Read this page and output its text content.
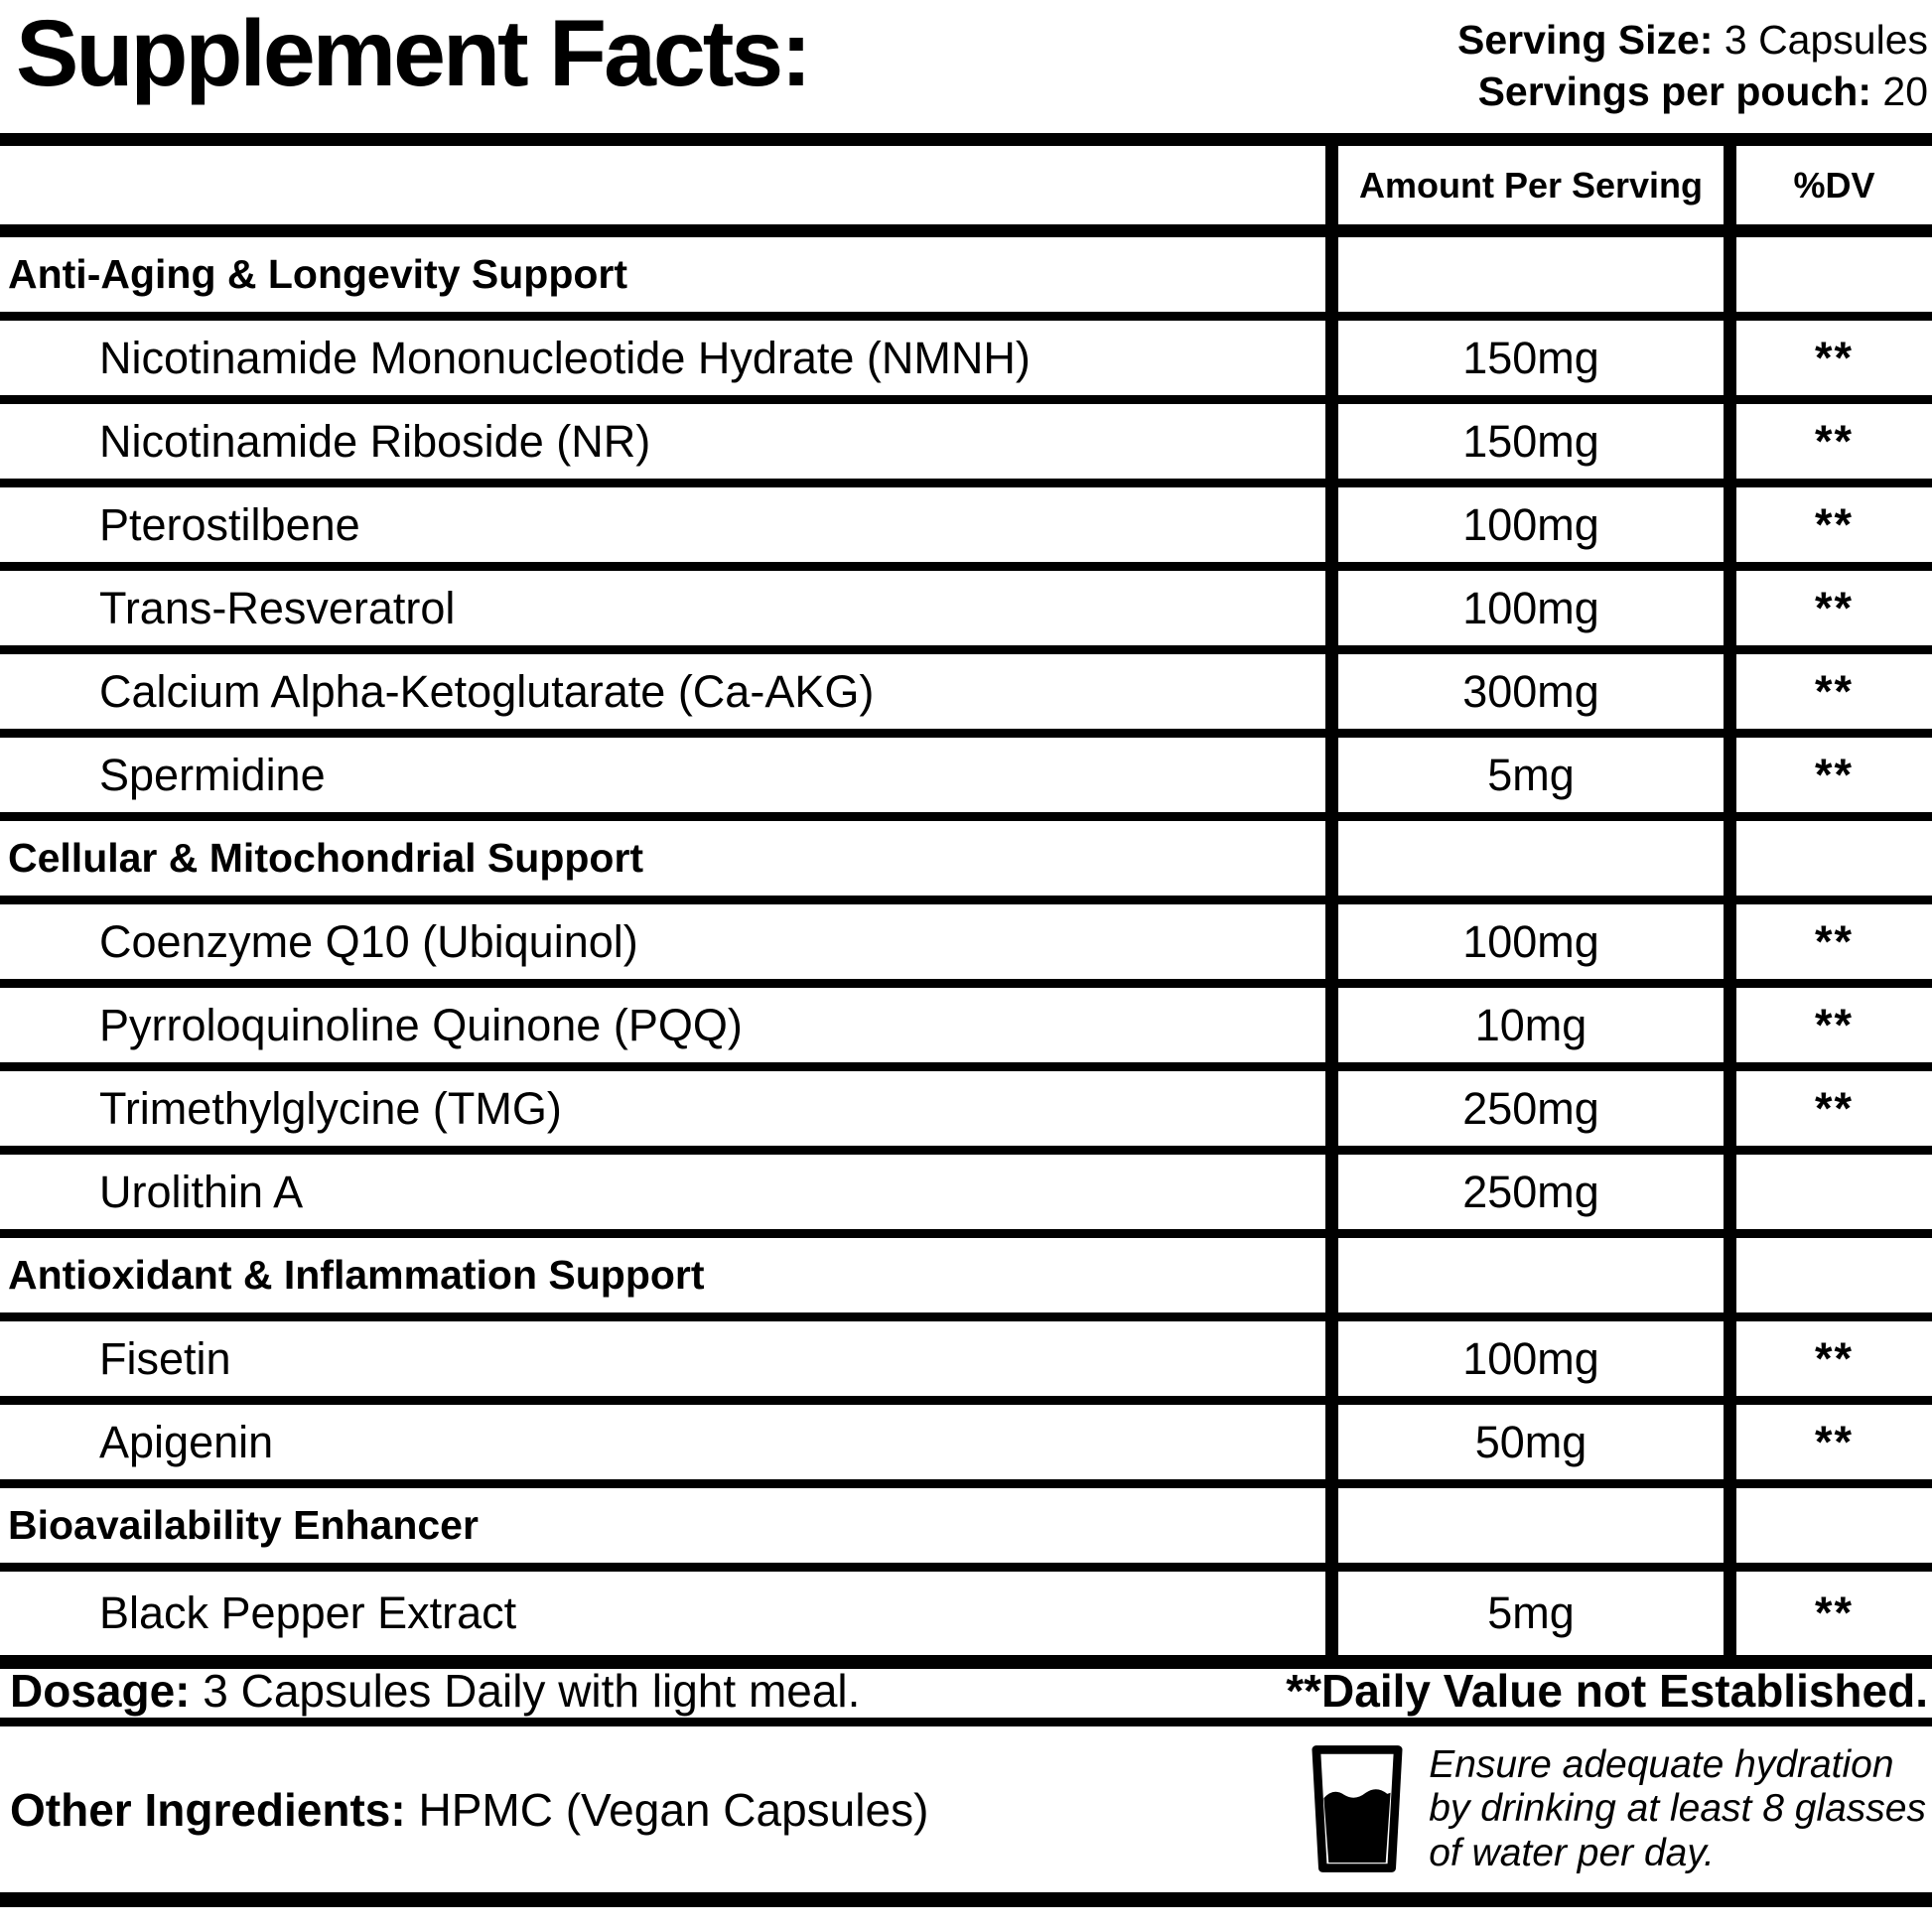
Supplement Facts:	Serving Size: 3 Capsules
Servings per pouch: 20
Amount Per Serving	%DV
Anti-Aging & Longevity Support
Nicotinamide Mononucleotide Hydrate (NMNH)	150mg	**
Nicotinamide Riboside (NR)	150mg	**
Pterostilbene	100mg	**
Trans-Resveratrol	100mg	**
Calcium Alpha-Ketoglutarate (Ca-AKG)	300mg	**
Spermidine	5mg	**
Cellular & Mitochondrial Support
Coenzyme Q10 (Ubiquinol)	100mg	**
Pyrroloquinoline Quinone (PQQ)	10mg	**
Trimethylglycine (TMG)	250mg	**
Urolithin A	250mg
Antioxidant & Inflammation Support
Fisetin	100mg	**
Apigenin	50mg	**
Bioavailability Enhancer
Black Pepper Extract	5mg	**
Dosage: 3 Capsules Daily with light meal.	**Daily Value not Established.
Other Ingredients: HPMC (Vegan Capsules)
Ensure adequate hydration
by drinking at least 8 glasses
of water per day.
